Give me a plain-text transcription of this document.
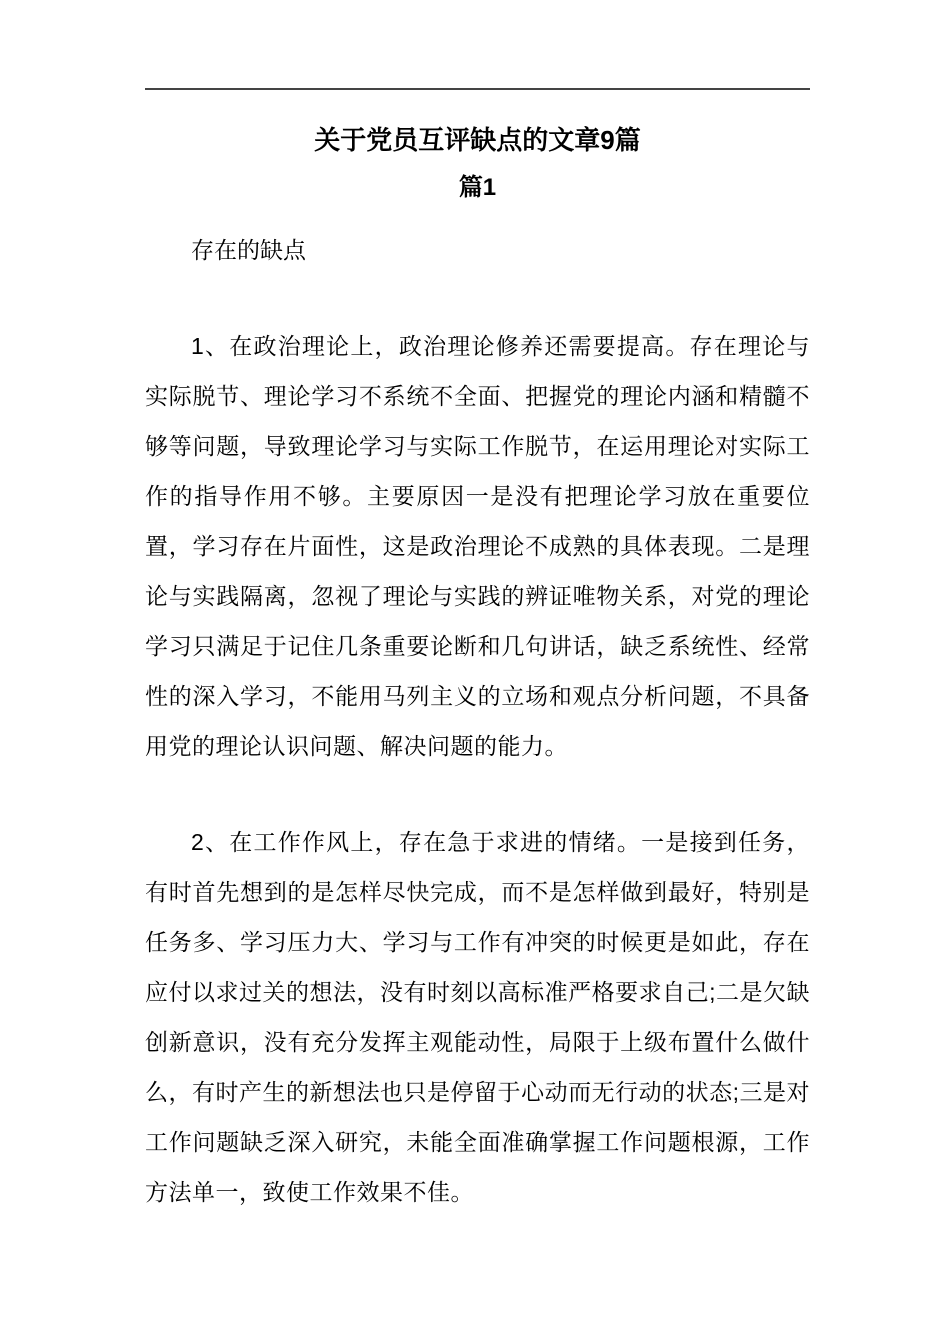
关于党员互评缺点的文章9篇
篇1

存在的缺点

1、在政治理论上，政治理论修养还需要提高。存在理论与实际脱节、理论学习不系统不全面、把握党的理论内涵和精髓不够等问题，导致理论学习与实际工作脱节，在运用理论对实际工作的指导作用不够。主要原因一是没有把理论学习放在重要位置，学习存在片面性，这是政治理论不成熟的具体表现。二是理论与实践隔离，忽视了理论与实践的辨证唯物关系，对党的理论学习只满足于记住几条重要论断和几句讲话，缺乏系统性、经常性的深入学习，不能用马列主义的立场和观点分析问题，不具备用党的理论认识问题、解决问题的能力。

2、在工作作风上，存在急于求进的情绪。一是接到任务，有时首先想到的是怎样尽快完成，而不是怎样做到最好，特别是任务多、学习压力大、学习与工作有冲突的时候更是如此，存在应付以求过关的想法，没有时刻以高标准严格要求自己;二是欠缺创新意识，没有充分发挥主观能动性，局限于上级布置什么做什么，有时产生的新想法也只是停留于心动而无行动的状态;三是对工作问题缺乏深入研究，未能全面准确掌握工作问题根源，工作方法单一，致使工作效果不佳。
